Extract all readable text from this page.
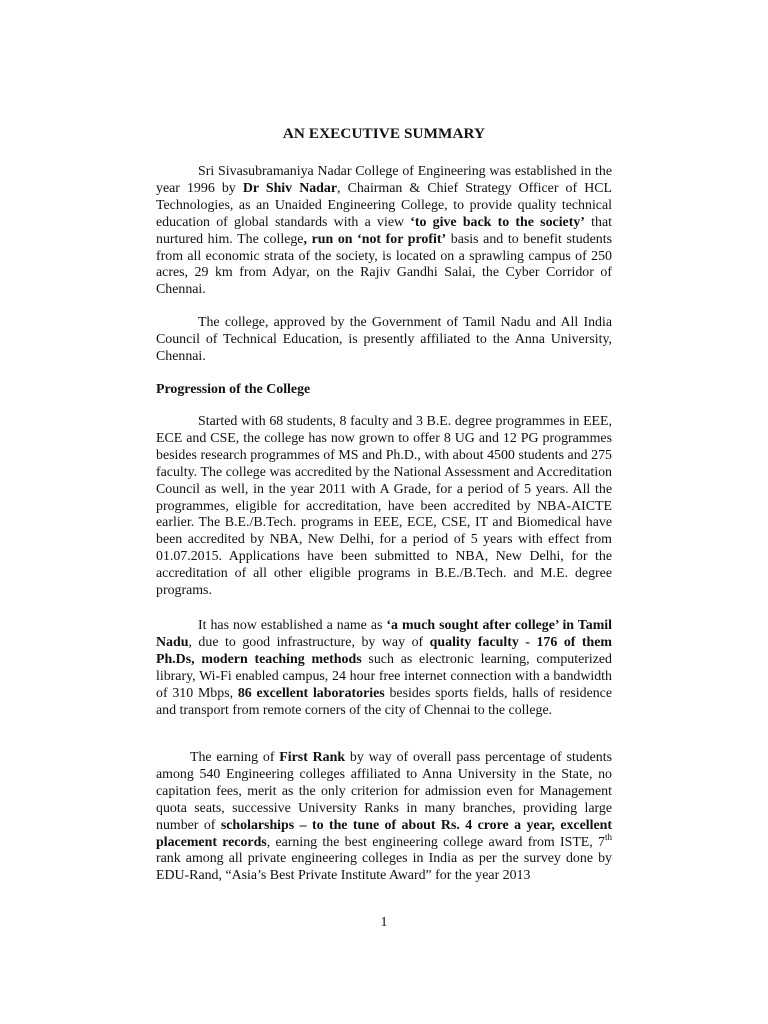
AN EXECUTIVE SUMMARY

Sri Sivasubramaniya Nadar College of Engineering was established in the year 1996 by Dr Shiv Nadar, Chairman & Chief Strategy Officer of HCL Technologies, as an Unaided Engineering College, to provide quality technical education of global standards with a view ‘to give back to the society’ that nurtured him. The college, run on ‘not for profit’ basis and to benefit students from all economic strata of the society, is located on a sprawling campus of 250 acres, 29 km from Adyar, on the Rajiv Gandhi Salai, the Cyber Corridor of Chennai.

The college, approved by the Government of Tamil Nadu and All India Council of Technical Education, is presently affiliated to the Anna University, Chennai.

Progression of the College

Started with 68 students, 8 faculty and 3 B.E. degree programmes in EEE, ECE and CSE, the college has now grown to offer 8 UG and 12 PG programmes besides research programmes of MS and Ph.D., with about 4500 students and 275 faculty. The college was accredited by the National Assessment and Accreditation Council as well, in the year 2011 with A Grade, for a period of 5 years. All the programmes, eligible for accreditation, have been accredited by NBA-AICTE earlier. The B.E./B.Tech. programs in EEE, ECE, CSE, IT and Biomedical have been accredited by NBA, New Delhi, for a period of 5 years with effect from 01.07.2015. Applications have been submitted to NBA, New Delhi, for the accreditation of all other eligible programs in B.E./B.Tech. and M.E. degree programs.

It has now established a name as ‘a much sought after college’ in Tamil Nadu, due to good infrastructure, by way of quality faculty - 176 of them Ph.Ds, modern teaching methods such as electronic learning, computerized library, Wi-Fi enabled campus, 24 hour free internet connection with a bandwidth of 310 Mbps, 86 excellent laboratories besides sports fields, halls of residence and transport from remote corners of the city of Chennai to the college.

The earning of First Rank by way of overall pass percentage of students among 540 Engineering colleges affiliated to Anna University in the State, no capitation fees, merit as the only criterion for admission even for Management quota seats, successive University Ranks in many branches, providing large number of scholarships – to the tune of about Rs. 4 crore a year, excellent placement records, earning the best engineering college award from ISTE, 7th rank among all private engineering colleges in India as per the survey done by EDU-Rand, “Asia’s Best Private Institute Award” for the year 2013

1
